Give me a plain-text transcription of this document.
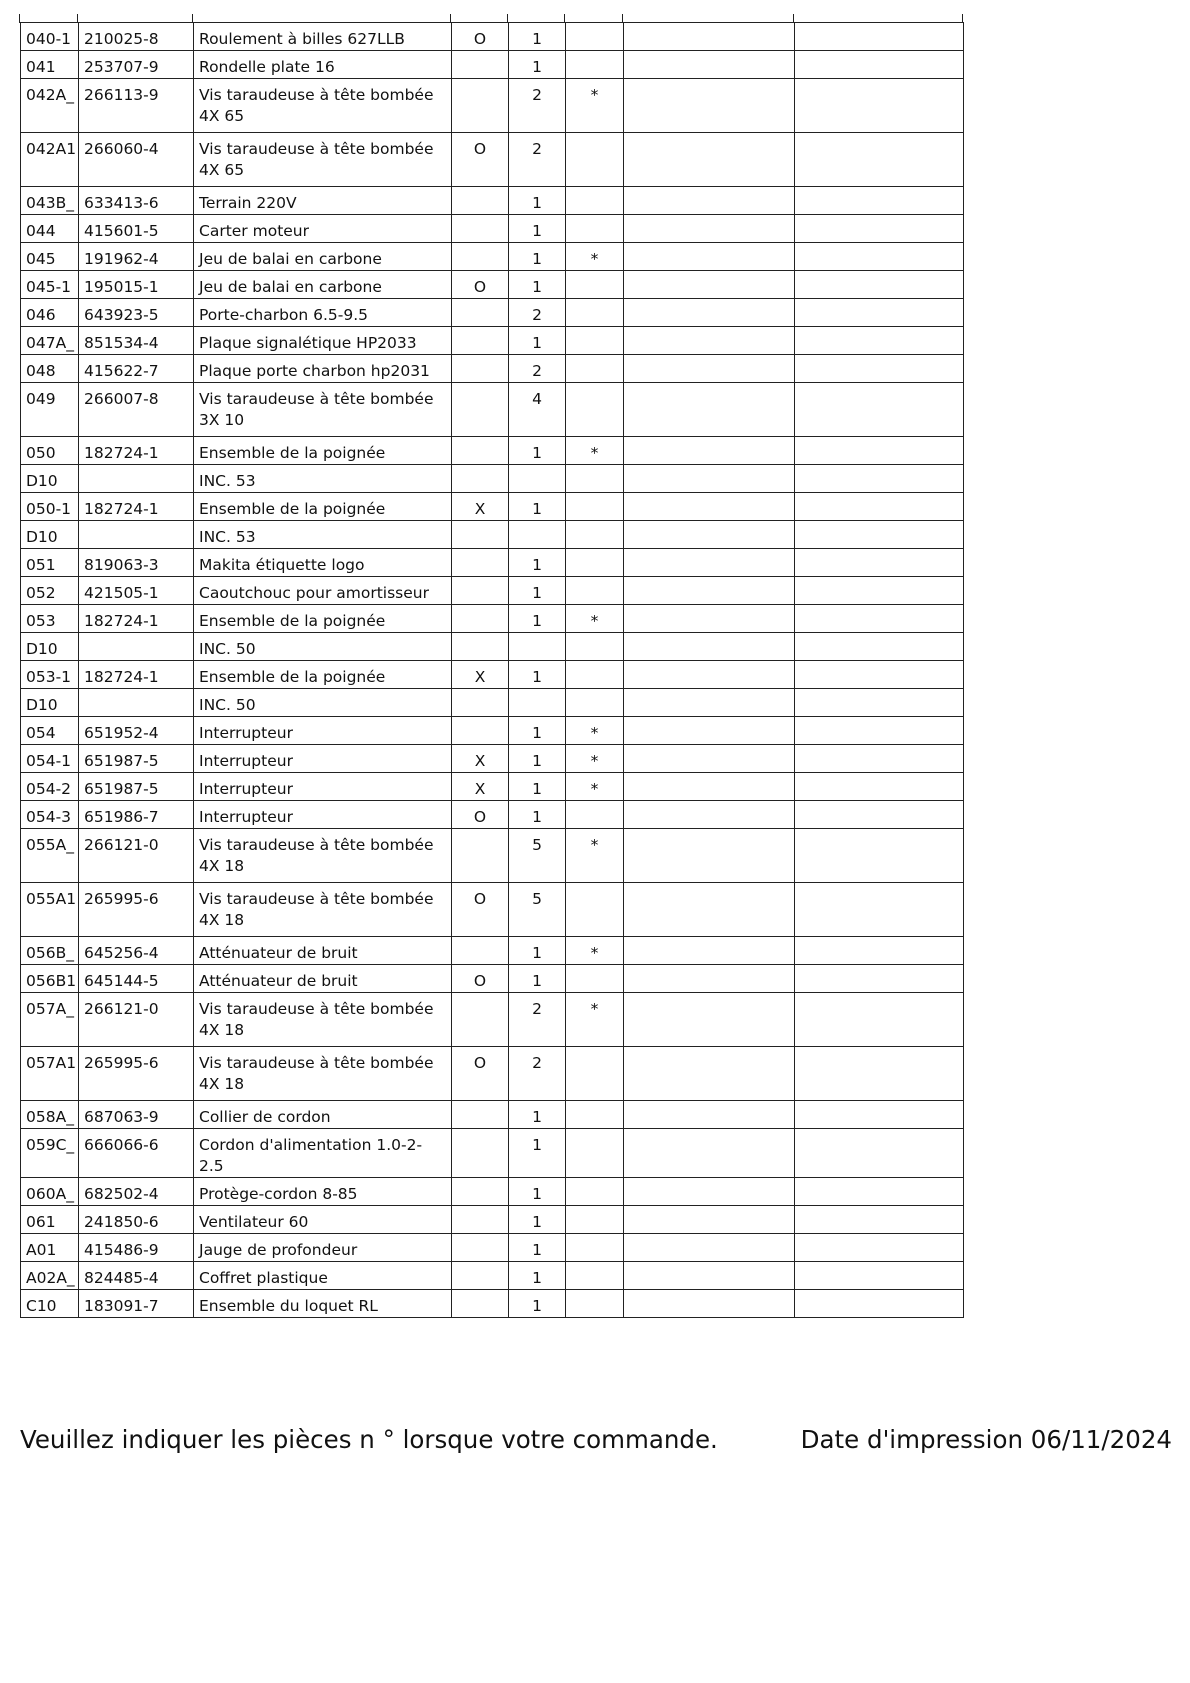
040-1	210025-8	Roulement à billes 627LLB	O	1			
041	253707-9	Rondelle plate 16		1			
042A_	266113-9	Vis taraudeuse à tête bombée 4X 65		2	*		
042A1	266060-4	Vis taraudeuse à tête bombée 4X 65	O	2			
043B_	633413-6	Terrain 220V		1			
044	415601-5	Carter moteur		1			
045	191962-4	Jeu de balai en carbone		1	*		
045-1	195015-1	Jeu de balai en carbone	O	1			
046	643923-5	Porte-charbon 6.5-9.5		2			
047A_	851534-4	Plaque signalétique HP2033		1			
048	415622-7	Plaque porte charbon hp2031		2			
049	266007-8	Vis taraudeuse à tête bombée 3X 10		4			
050	182724-1	Ensemble de la poignée		1	*		
D10		INC. 53					
050-1	182724-1	Ensemble de la poignée	X	1			
D10		INC. 53					
051	819063-3	Makita étiquette logo		1			
052	421505-1	Caoutchouc pour amortisseur		1			
053	182724-1	Ensemble de la poignée		1	*		
D10		INC. 50					
053-1	182724-1	Ensemble de la poignée	X	1			
D10		INC. 50					
054	651952-4	Interrupteur		1	*		
054-1	651987-5	Interrupteur	X	1	*		
054-2	651987-5	Interrupteur	X	1	*		
054-3	651986-7	Interrupteur	O	1			
055A_	266121-0	Vis taraudeuse à tête bombée 4X 18		5	*		
055A1	265995-6	Vis taraudeuse à tête bombée 4X 18	O	5			
056B_	645256-4	Atténuateur de bruit		1	*		
056B1	645144-5	Atténuateur de bruit	O	1			
057A_	266121-0	Vis taraudeuse à tête bombée 4X 18		2	*		
057A1	265995-6	Vis taraudeuse à tête bombée 4X 18	O	2			
058A_	687063-9	Collier de cordon		1			
059C_	666066-6	Cordon d'alimentation 1.0-2-2.5		1			
060A_	682502-4	Protège-cordon 8-85		1			
061	241850-6	Ventilateur 60		1			
A01	415486-9	Jauge de profondeur		1			
A02A_	824485-4	Coffret plastique		1			
C10	183091-7	Ensemble du loquet RL		1			
Veuillez indiquer les pièces n ° lorsque votre commande.	Date d'impression 06/11/2024
